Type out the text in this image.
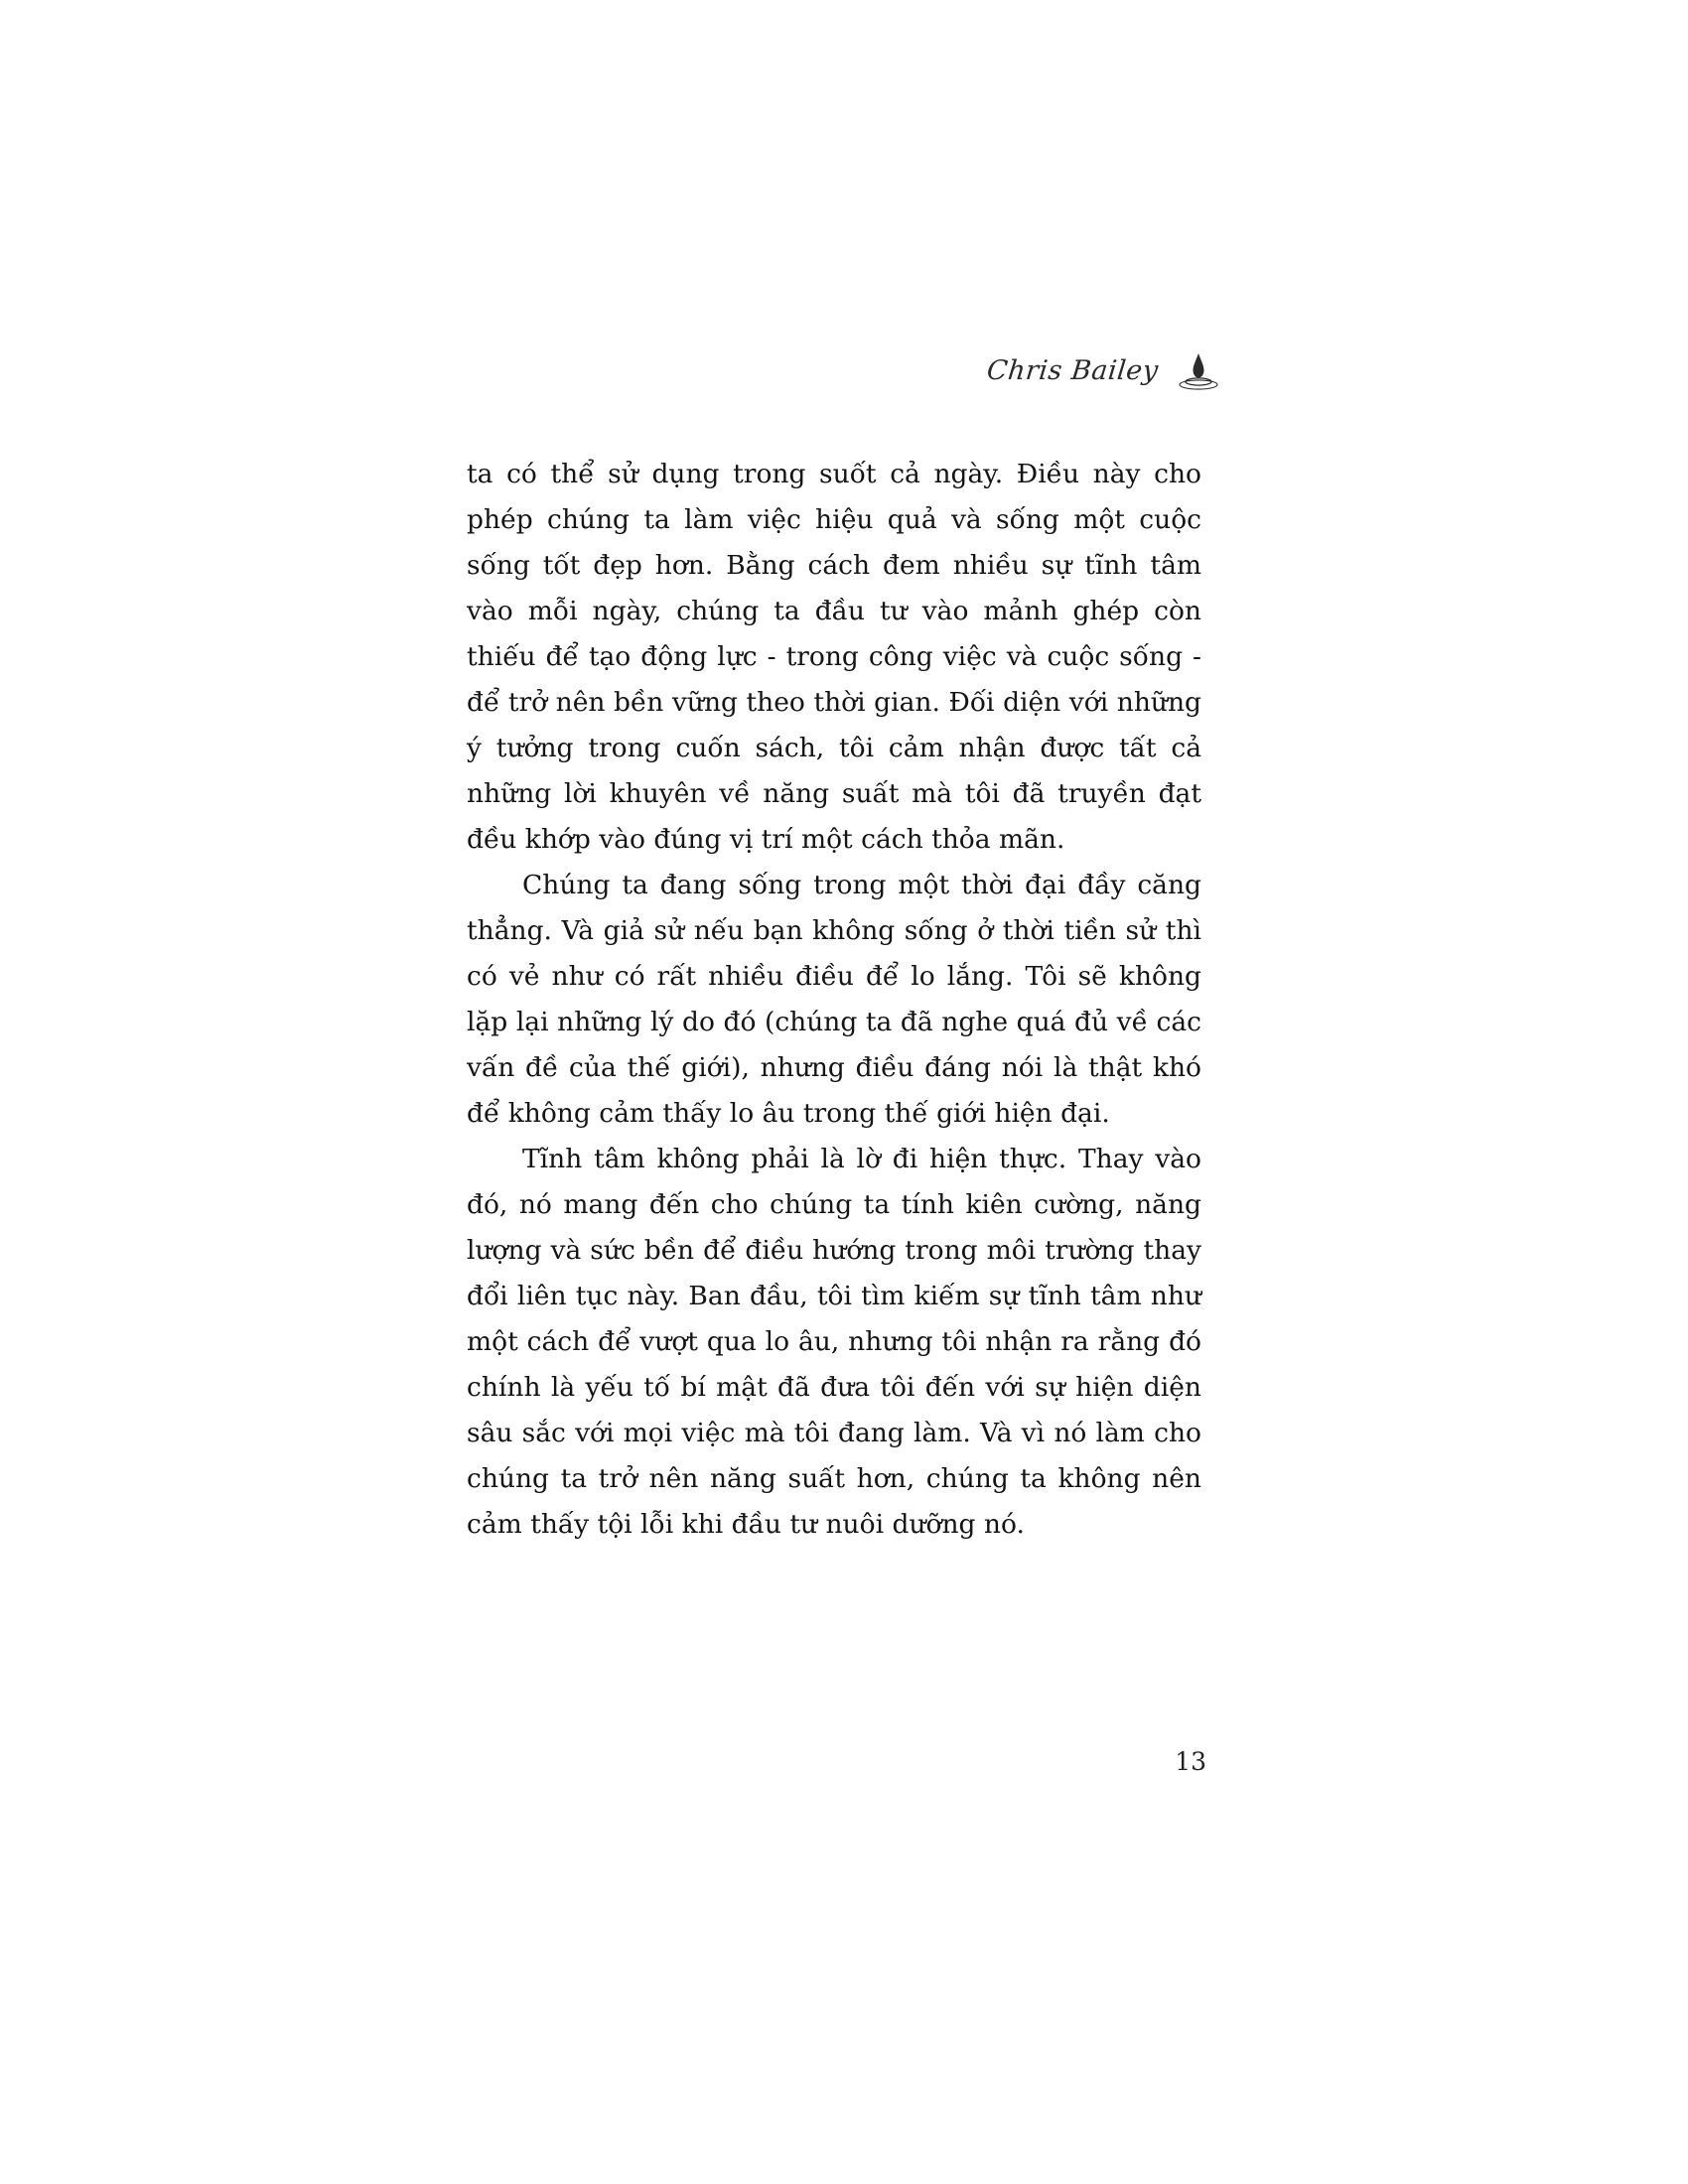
Chris Bailey

ta có thể sử dụng trong suốt cả ngày. Điều này cho phép chúng ta làm việc hiệu quả và sống một cuộc sống tốt đẹp hơn. Bằng cách đem nhiều sự tĩnh tâm vào mỗi ngày, chúng ta đầu tư vào mảnh ghép còn thiếu để tạo động lực - trong công việc và cuộc sống - để trở nên bền vững theo thời gian. Đối diện với những ý tưởng trong cuốn sách, tôi cảm nhận được tất cả những lời khuyên về năng suất mà tôi đã truyền đạt đều khớp vào đúng vị trí một cách thỏa mãn.

Chúng ta đang sống trong một thời đại đầy căng thẳng. Và giả sử nếu bạn không sống ở thời tiền sử thì có vẻ như có rất nhiều điều để lo lắng. Tôi sẽ không lặp lại những lý do đó (chúng ta đã nghe quá đủ về các vấn đề của thế giới), nhưng điều đáng nói là thật khó để không cảm thấy lo âu trong thế giới hiện đại.

Tĩnh tâm không phải là lờ đi hiện thực. Thay vào đó, nó mang đến cho chúng ta tính kiên cường, năng lượng và sức bền để điều hướng trong môi trường thay đổi liên tục này. Ban đầu, tôi tìm kiếm sự tĩnh tâm như một cách để vượt qua lo âu, nhưng tôi nhận ra rằng đó chính là yếu tố bí mật đã đưa tôi đến với sự hiện diện sâu sắc với mọi việc mà tôi đang làm. Và vì nó làm cho chúng ta trở nên năng suất hơn, chúng ta không nên cảm thấy tội lỗi khi đầu tư nuôi dưỡng nó.

13
